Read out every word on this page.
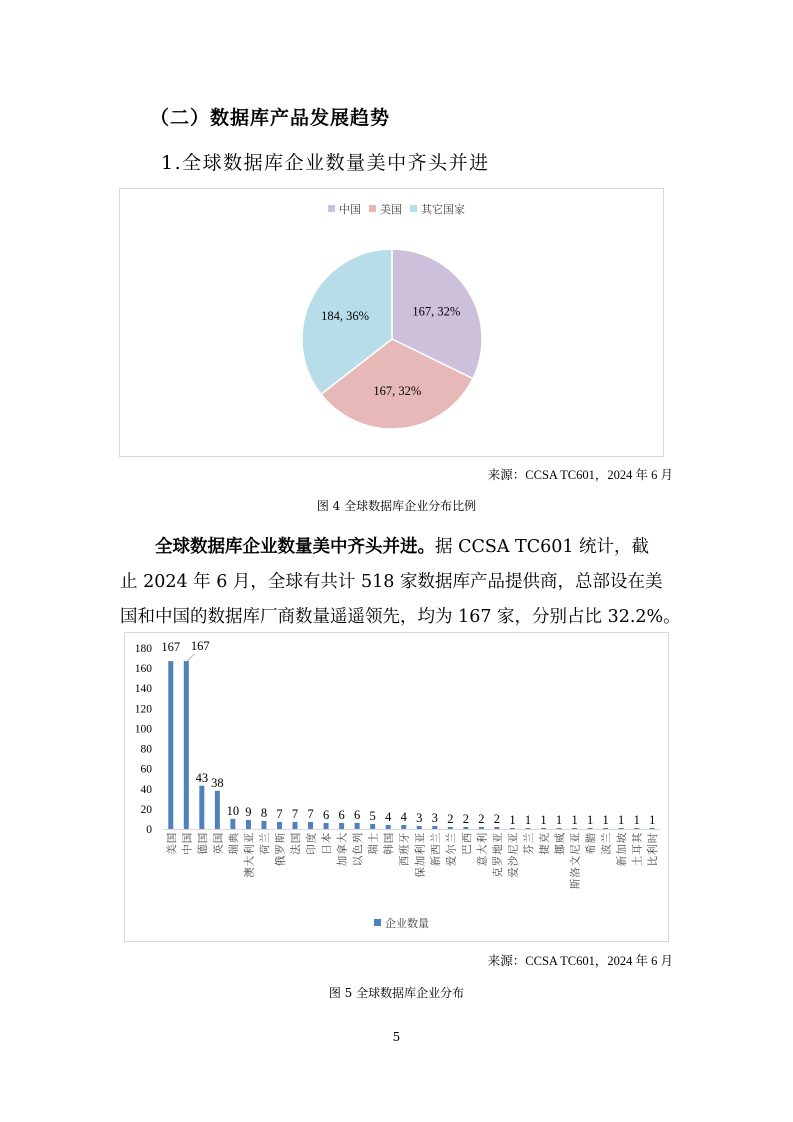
（二）数据库产品发展趋势
1.全球数据库企业数量美中齐头并进
中国 美国 其它国家
167, 32%
167, 32%
184, 36%
来源：CCSA TC601，2024 年 6 月
图 4 全球数据库企业分布比例

全球数据库企业数量美中齐头并进。据 CCSA TC601 统计，截

止 2024 年 6 月，全球有共计 518 家数据库产品提供商，总部设在美

国和中国的数据库厂商数量遥遥领先，均为 167 家，分别占比 32.2%。

0
20
40
60
80
100
120
140
160
180 167
美
国
167
中
国
43
德
国
38
英
国
10
瑞
典
9
澳
大
利
亚
8
荷
兰
7
俄
罗
斯
7
法
国
7
印
度
6
日
本
6
加
拿
大
6
以
色
列
5
瑞
士
4
韩
国
4
西
班
牙
3
保
加
利
亚
3
新
西
兰
2
爱
尔
兰
2
巴
西
2
意
大
利
2
克
罗
地
亚
1
爱
沙
尼
亚
1
芬
兰
1
捷
克
1
挪
威
1
斯
洛
文
尼
亚
1
希
腊
1
波
兰
1
新
加
坡
1
土
耳
其
1
比
利
时
企业数量
来源：CCSA TC601，2024 年 6 月
图 5 全球数据库企业分布
5
